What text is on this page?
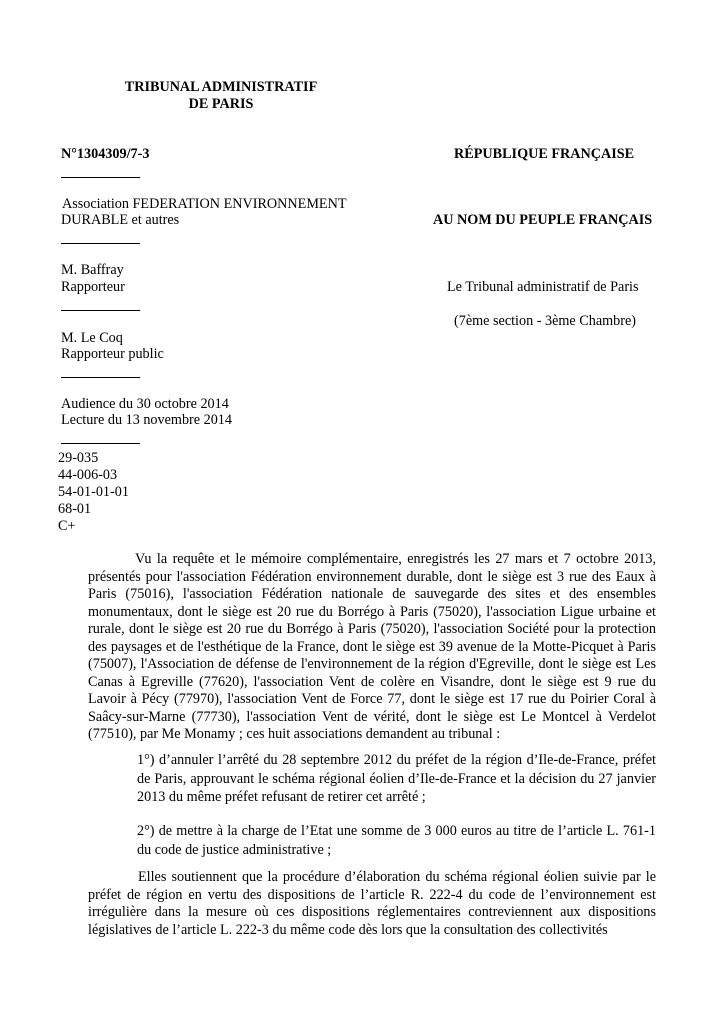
TRIBUNAL ADMINISTRATIF
DE PARIS
N°1304309/7-3	RÉPUBLIQUE FRANÇAISE
Association FEDERATION ENVIRONNEMENT
DURABLE et autres	AU NOM DU PEUPLE FRANÇAIS
M. Baffray
Rapporteur	Le Tribunal administratif de Paris
(7ème section - 3ème Chambre)
M. Le Coq
Rapporteur public
Audience du 30 octobre 2014
Lecture du 13 novembre 2014
29-035
44-006-03
54-01-01-01
68-01
C+

Vu la requête et le mémoire complémentaire, enregistrés les 27 mars et 7 octobre 2013, présentés pour l'association Fédération environnement durable, dont le siège est 3 rue des Eaux à Paris (75016), l'association Fédération nationale de sauvegarde des sites et des ensembles monumentaux, dont le siège est 20 rue du Borrégo à Paris (75020), l'association Ligue urbaine et rurale, dont le siège est 20 rue du Borrégo à Paris (75020), l'association Société pour la protection des paysages et de l'esthétique de la France, dont le siège est 39 avenue de la Motte-Picquet à Paris (75007), l'Association de défense de l'environnement de la région d'Egreville, dont le siège est Les Canas à Egreville (77620), l'association Vent de colère en Visandre, dont le siège est 9 rue du Lavoir à Pécy (77970), l'association Vent de Force 77, dont le siège est 17 rue du Poirier Coral à Saâcy-sur-Marne (77730), l'association Vent de vérité, dont le siège est Le Montcel à Verdelot (77510), par Me Monamy ; ces huit associations demandent au tribunal :

1°) d’annuler l’arrêté du 28 septembre 2012 du préfet de la région d’Ile-de-France, préfet de Paris, approuvant le schéma régional éolien d’Ile-de-France et la décision du 27 janvier 2013 du même préfet refusant de retirer cet arrêté ;
2°) de mettre à la charge de l’Etat une somme de 3 000 euros au titre de l’article L. 761-1 du code de justice administrative ;

Elles soutiennent que la procédure d’élaboration du schéma régional éolien suivie par le préfet de région en vertu des dispositions de l’article R. 222-4 du code de l’environnement est irrégulière dans la mesure où ces dispositions réglementaires contreviennent aux dispositions législatives de l’article L. 222-3 du même code dès lors que la consultation des collectivités
